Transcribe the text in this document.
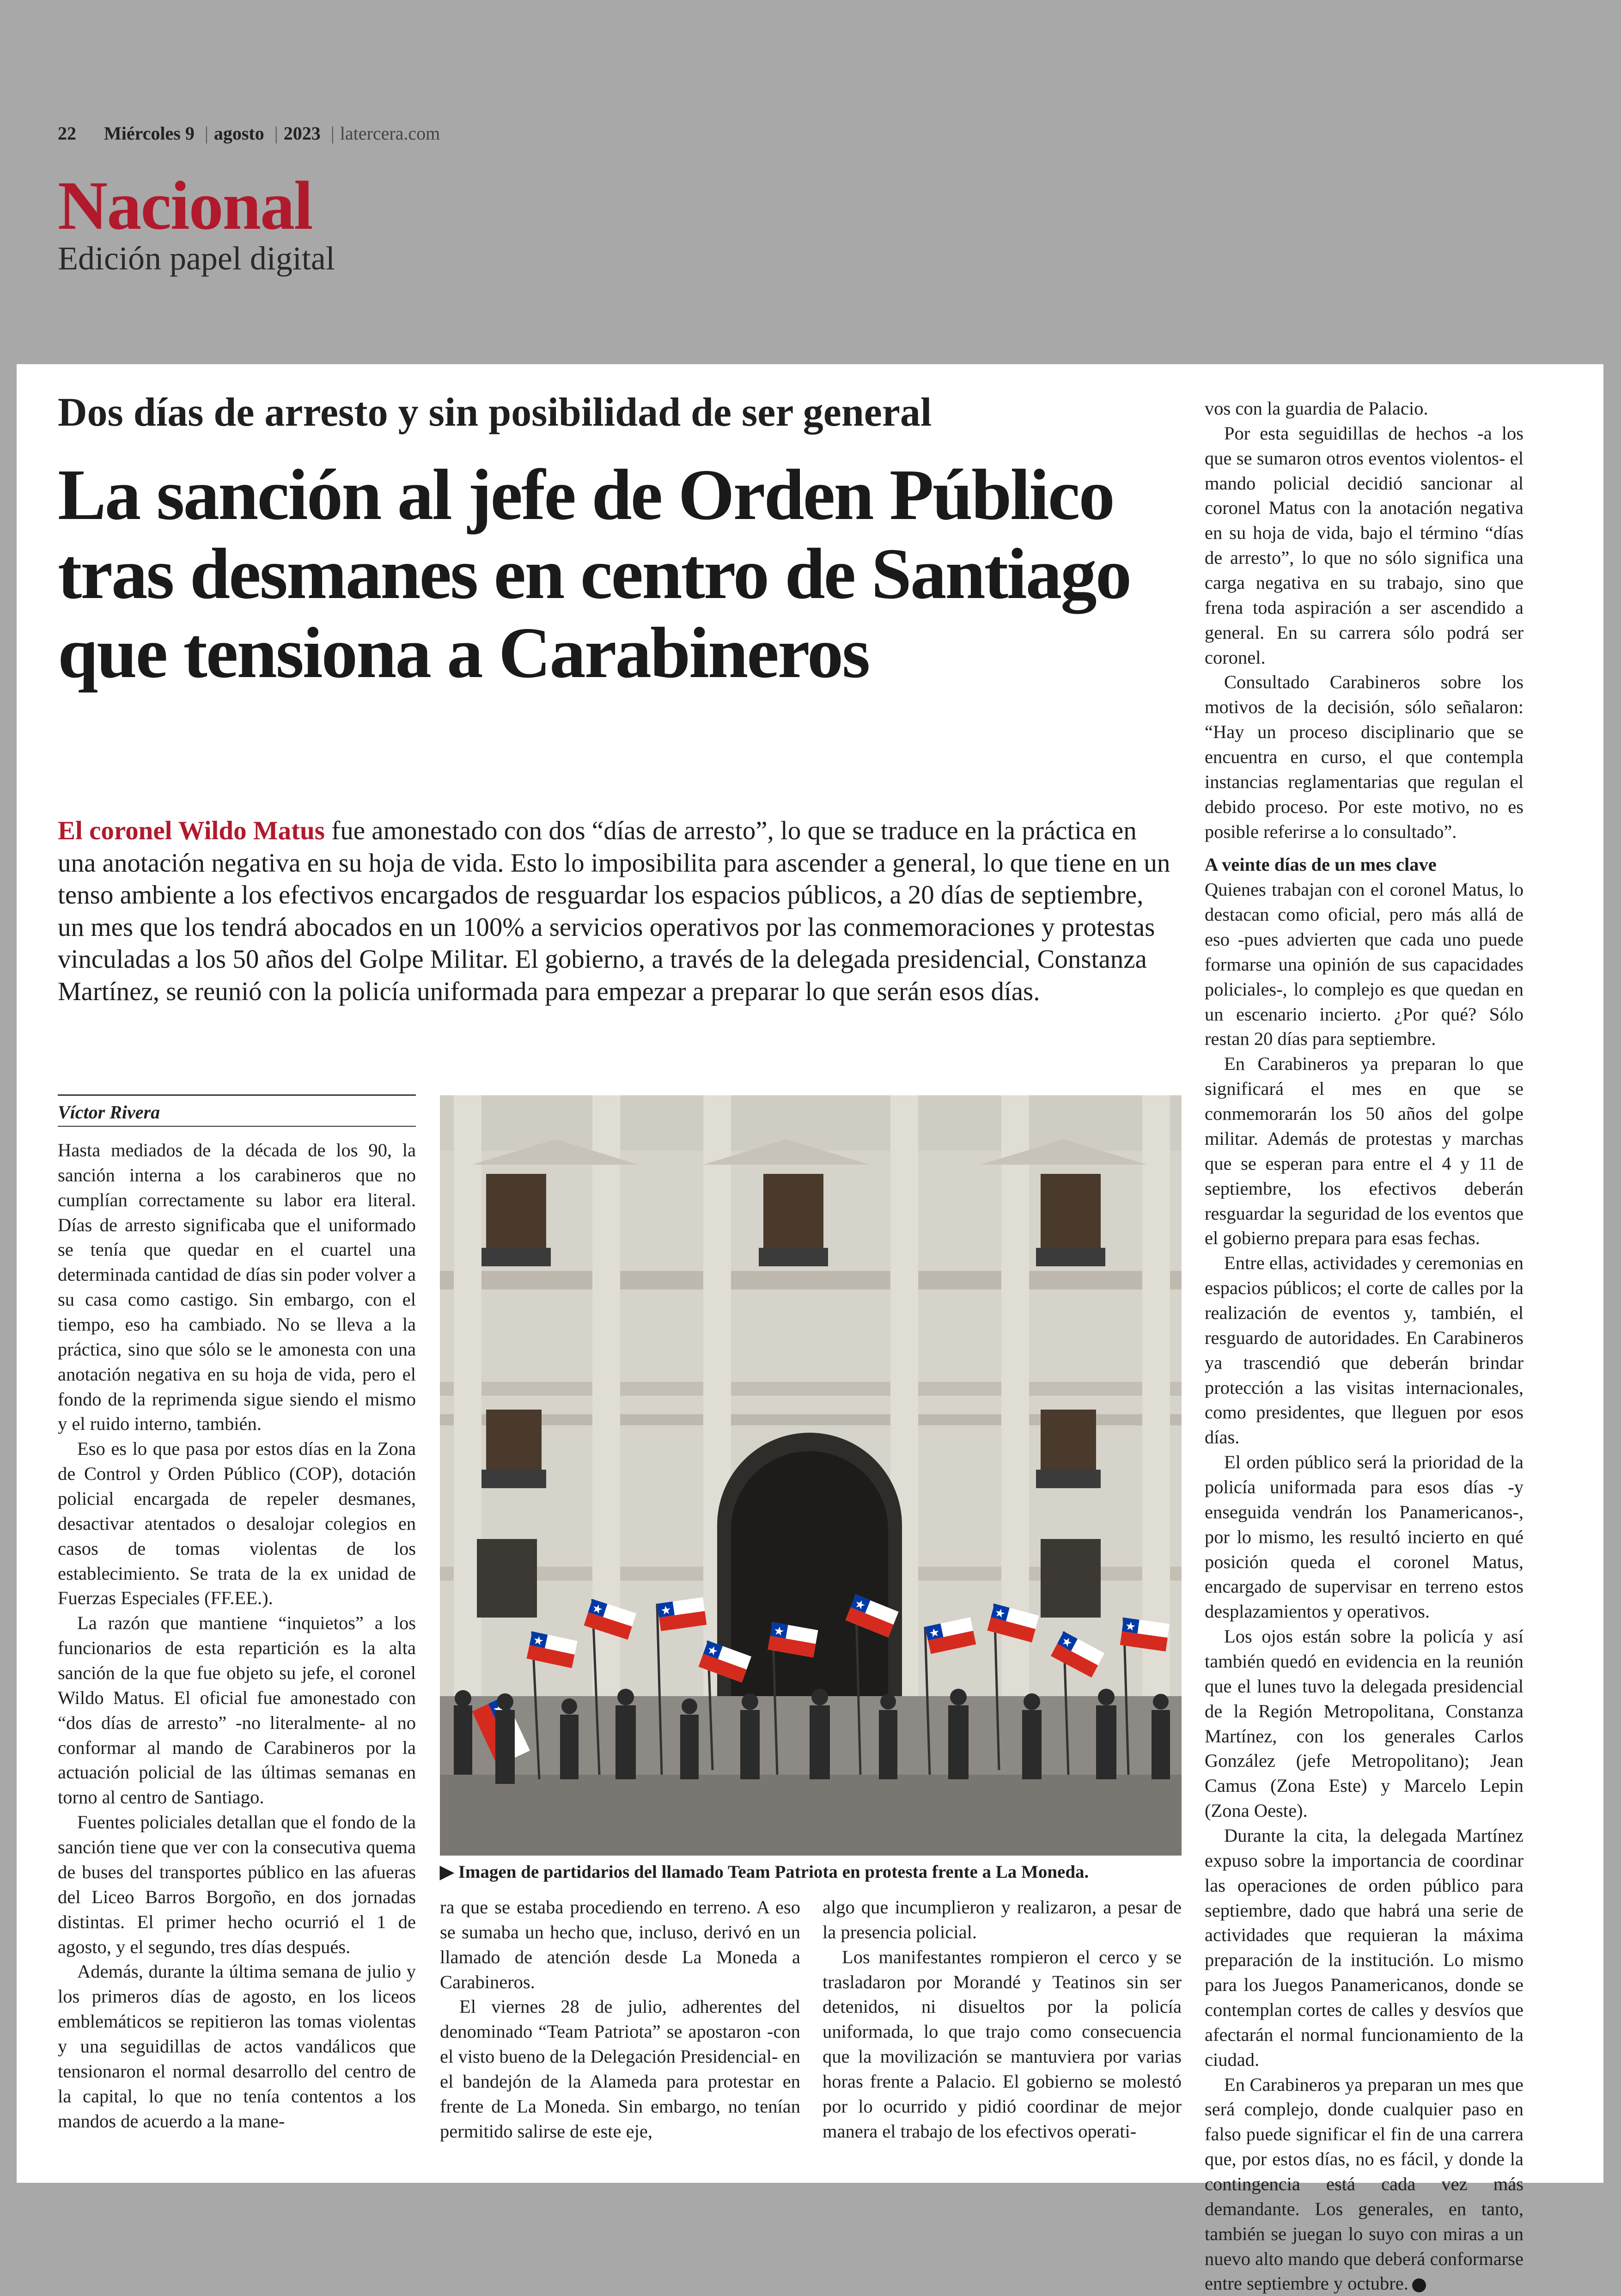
22 Miércoles 9 | agosto | 2023 | latercera.com
Nacional
Edición papel digital
Dos días de arresto y sin posibilidad de ser general
La sanción al jefe de Orden Público tras desmanes en centro de Santiago que tensiona a Carabineros
El coronel Wildo Matus fue amonestado con dos “días de arresto”, lo que se traduce en la práctica en una anotación negativa en su hoja de vida. Esto lo imposibilita para ascender a general, lo que tiene en un tenso ambiente a los efectivos encargados de resguardar los espacios públicos, a 20 días de septiembre, un mes que los tendrá abocados en un 100% a servicios operativos por las conmemoraciones y protestas vinculadas a los 50 años del Golpe Militar. El gobierno, a través de la delegada presidencial, Constanza Martínez, se reunió con la policía uniformada para empezar a preparar lo que serán esos días.
Víctor Rivera

Hasta mediados de la década de los 90, la sanción interna a los carabineros que no cumplían correctamente su labor era literal. Días de arresto significaba que el uniformado se tenía que quedar en el cuartel una determinada cantidad de días sin poder volver a su casa como castigo. Sin embargo, con el tiempo, eso ha cambiado. No se lleva a la práctica, sino que sólo se le amonesta con una anotación negativa en su hoja de vida, pero el fondo de la reprimenda sigue siendo el mismo y el ruido interno, también.

Eso es lo que pasa por estos días en la Zona de Control y Orden Público (COP), dotación policial encargada de repeler desmanes, desactivar atentados o desalojar colegios en casos de tomas violentas de los establecimiento. Se trata de la ex unidad de Fuerzas Especiales (FF.EE.).

La razón que mantiene “inquietos” a los funcionarios de esta repartición es la alta sanción de la que fue objeto su jefe, el coronel Wildo Matus. El oficial fue amonestado con “dos días de arresto” -no literalmente- al no conformar al mando de Carabineros por la actuación policial de las últimas semanas en torno al centro de Santiago.

Fuentes policiales detallan que el fondo de la sanción tiene que ver con la consecutiva quema de buses del transportes público en las afueras del Liceo Barros Borgoño, en dos jornadas distintas. El primer hecho ocurrió el 1 de agosto, y el segundo, tres días después.

Además, durante la última semana de julio y los primeros días de agosto, en los liceos emblemáticos se repitieron las tomas violentas y una seguidillas de actos vandálicos que tensionaron el normal desarrollo del centro de la capital, lo que no tenía contentos a los mandos de acuerdo a la mane-

▶ Imagen de partidarios del llamado Team Patriota en protesta frente a La Moneda.

ra que se estaba procediendo en terreno. A eso se sumaba un hecho que, incluso, derivó en un llamado de atención desde La Moneda a Carabineros.

El viernes 28 de julio, adherentes del denominado “Team Patriota” se apostaron -con el visto bueno de la Delegación Presidencial- en el bandejón de la Alameda para protestar en frente de La Moneda. Sin embargo, no tenían permitido salirse de este eje,

algo que incumplieron y realizaron, a pesar de la presencia policial.

Los manifestantes rompieron el cerco y se trasladaron por Morandé y Teatinos sin ser detenidos, ni disueltos por la policía uniformada, lo que trajo como consecuencia que la movilización se mantuviera por varias horas frente a Palacio. El gobierno se molestó por lo ocurrido y pidió coordinar de mejor manera el trabajo de los efectivos operati-

vos con la guardia de Palacio.

Por esta seguidillas de hechos -a los que se sumaron otros eventos violentos- el mando policial decidió sancionar al coronel Matus con la anotación negativa en su hoja de vida, bajo el término “días de arresto”, lo que no sólo significa una carga negativa en su trabajo, sino que frena toda aspiración a ser ascendido a general. En su carrera sólo podrá ser coronel.

Consultado Carabineros sobre los motivos de la decisión, sólo señalaron: “Hay un proceso disciplinario que se encuentra en curso, el que contempla instancias reglamentarias que regulan el debido proceso. Por este motivo, no es posible referirse a lo consultado”.

A veinte días de un mes clave

Quienes trabajan con el coronel Matus, lo destacan como oficial, pero más allá de eso -pues advierten que cada uno puede formarse una opinión de sus capacidades policiales-, lo complejo es que quedan en un escenario incierto. ¿Por qué? Sólo restan 20 días para septiembre.

En Carabineros ya preparan lo que significará el mes en que se conmemorarán los 50 años del golpe militar. Además de protestas y marchas que se esperan para entre el 4 y 11 de septiembre, los efectivos deberán resguardar la seguridad de los eventos que el gobierno prepara para esas fechas.

Entre ellas, actividades y ceremonias en espacios públicos; el corte de calles por la realización de eventos y, también, el resguardo de autoridades. En Carabineros ya trascendió que deberán brindar protección a las visitas internacionales, como presidentes, que lleguen por esos días.

El orden público será la prioridad de la policía uniformada para esos días -y enseguida vendrán los Panamericanos-, por lo mismo, les resultó incierto en qué posición queda el coronel Matus, encargado de supervisar en terreno estos desplazamientos y operativos.

Los ojos están sobre la policía y así también quedó en evidencia en la reunión que el lunes tuvo la delegada presidencial de la Región Metropolitana, Constanza Martínez, con los generales Carlos González (jefe Metropolitano); Jean Camus (Zona Este) y Marcelo Lepin (Zona Oeste).

Durante la cita, la delegada Martínez expuso sobre la importancia de coordinar las operaciones de orden público para septiembre, dado que habrá una serie de actividades que requieran la máxima preparación de la institución. Lo mismo para los Juegos Panamericanos, donde se contemplan cortes de calles y desvíos que afectarán el normal funcionamiento de la ciudad.

En Carabineros ya preparan un mes que será complejo, donde cualquier paso en falso puede significar el fin de una carrera que, por estos días, no es fácil, y donde la contingencia está cada vez más demandante. Los generales, en tanto, también se juegan lo suyo con miras a un nuevo alto mando que deberá conformarse entre septiembre y octubre.
